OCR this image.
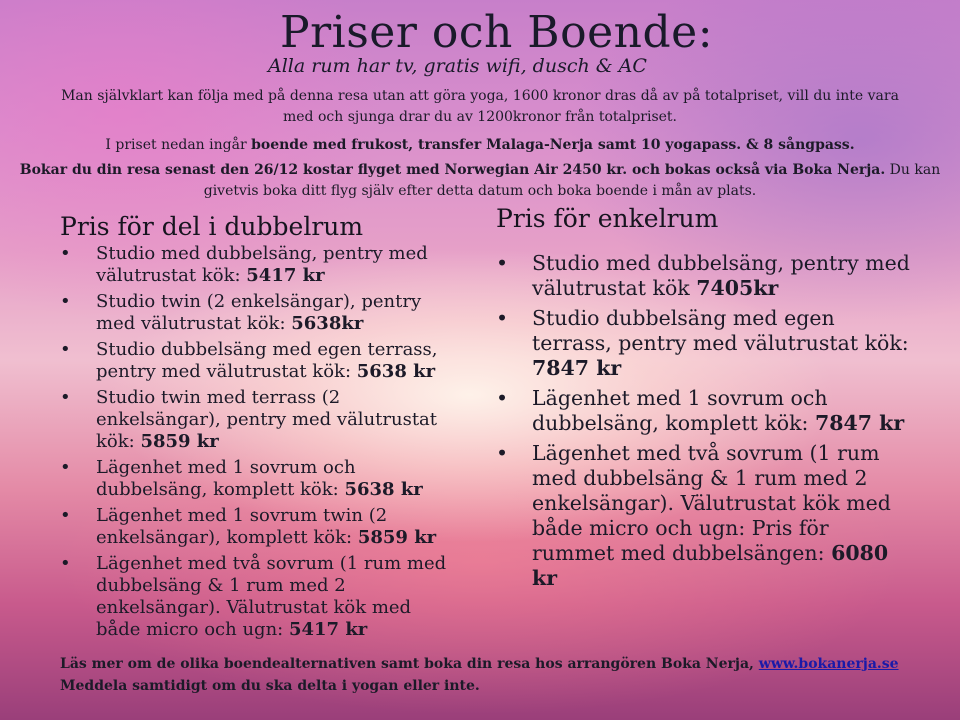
Priser och Boende:
Alla rum har tv, gratis wifi, dusch & AC
Man självklart kan följa med på denna resa utan att göra yoga, 1600 kronor dras då av på totalpriset, vill du inte vara
med och sjunga drar du av 1200kronor från totalpriset.
I priset nedan ingår boende med frukost, transfer Malaga-Nerja samt 10 yogapass. & 8 sångpass.
Bokar du din resa senast den 26/12 kostar flyget med Norwegian Air 2450 kr. och bokas också via Boka Nerja. Du kan
givetvis boka ditt flyg själv efter detta datum och boka boende i mån av plats.
Pris för del i dubbelrum
• Studio med dubbelsäng, pentry med välutrustat kök: 5417 kr
• Studio twin (2 enkelsängar), pentry med välutrustat kök: 5638kr
• Studio dubbelsäng med egen terrass, pentry med välutrustat kök: 5638 kr
• Studio twin med terrass (2 enkelsängar), pentry med välutrustat kök: 5859 kr
• Lägenhet med 1 sovrum och dubbelsäng, komplett kök: 5638 kr
• Lägenhet med 1 sovrum twin (2 enkelsängar), komplett kök: 5859 kr
• Lägenhet med två sovrum (1 rum med dubbelsäng & 1 rum med 2 enkelsängar). Välutrustat kök med både micro och ugn: 5417 kr
Pris för enkelrum
• Studio med dubbelsäng, pentry med välutrustat kök 7405kr
• Studio dubbelsäng med egen terrass, pentry med välutrustat kök: 7847 kr
• Lägenhet med 1 sovrum och dubbelsäng, komplett kök: 7847 kr
• Lägenhet med två sovrum (1 rum med dubbelsäng & 1 rum med 2 enkelsängar). Välutrustat kök med både micro och ugn: Pris för rummet med dubbelsängen: 6080 kr
Läs mer om de olika boendealternativen samt boka din resa hos arrangören Boka Nerja, www.bokanerja.se
Meddela samtidigt om du ska delta i yogan eller inte.
